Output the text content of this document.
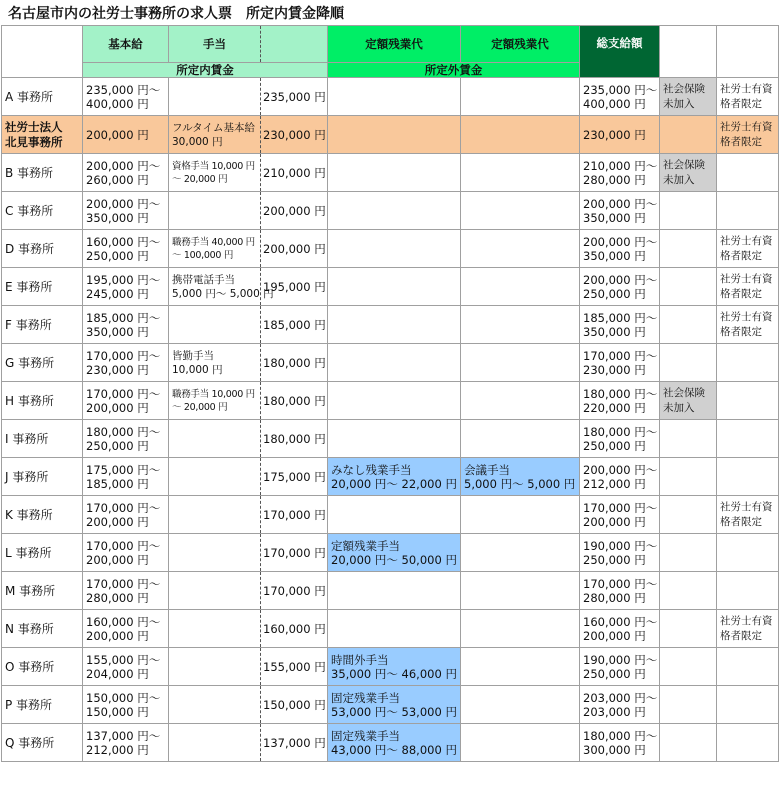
名古屋市内の社労士事務所の求人票　所定内賃金降順
	基本給	手当		定額残業代	定額残業代	総支給額		
	所定内賃金			所定外賃金				
A 事務所	235,000 円〜
400,000 円		235,000 円			235,000 円〜
400,000 円	社会保険
未加入	社労士有資
格者限定
社労士法人
北見事務所	200,000 円	フルタイム基本給
30,000 円	230,000 円			230,000 円		社労士有資
格者限定
B 事務所	200,000 円〜
260,000 円	資格手当 10,000 円
〜 20,000 円	210,000 円			210,000 円〜
280,000 円	社会保険
未加入	
C 事務所	200,000 円〜
350,000 円		200,000 円			200,000 円〜
350,000 円		
D 事務所	160,000 円〜
250,000 円	職務手当 40,000 円
〜 100,000 円	200,000 円			200,000 円〜
350,000 円		社労士有資
格者限定
E 事務所	195,000 円〜
245,000 円	携帯電話手当
5,000 円〜 5,000 円	195,000 円			200,000 円〜
250,000 円		社労士有資
格者限定
F 事務所	185,000 円〜
350,000 円		185,000 円			185,000 円〜
350,000 円		社労士有資
格者限定
G 事務所	170,000 円〜
230,000 円	皆勤手当
10,000 円	180,000 円			170,000 円〜
230,000 円		
H 事務所	170,000 円〜
200,000 円	職務手当 10,000 円
〜 20,000 円	180,000 円			180,000 円〜
220,000 円	社会保険
未加入	
I 事務所	180,000 円〜
250,000 円		180,000 円			180,000 円〜
250,000 円		
J 事務所	175,000 円〜
185,000 円		175,000 円	みなし残業手当
20,000 円〜 22,000 円	会議手当
5,000 円〜 5,000 円	200,000 円〜
212,000 円		
K 事務所	170,000 円〜
200,000 円		170,000 円			170,000 円〜
200,000 円		社労士有資
格者限定
L 事務所	170,000 円〜
200,000 円		170,000 円	定額残業手当
20,000 円〜 50,000 円		190,000 円〜
250,000 円		
M 事務所	170,000 円〜
280,000 円		170,000 円			170,000 円〜
280,000 円		
N 事務所	160,000 円〜
200,000 円		160,000 円			160,000 円〜
200,000 円		社労士有資
格者限定
O 事務所	155,000 円〜
204,000 円		155,000 円	時間外手当
35,000 円〜 46,000 円		190,000 円〜
250,000 円		
P 事務所	150,000 円〜
150,000 円		150,000 円	固定残業手当
53,000 円〜 53,000 円		203,000 円〜
203,000 円		
Q 事務所	137,000 円〜
212,000 円		137,000 円	固定残業手当
43,000 円〜 88,000 円		180,000 円〜
300,000 円		
